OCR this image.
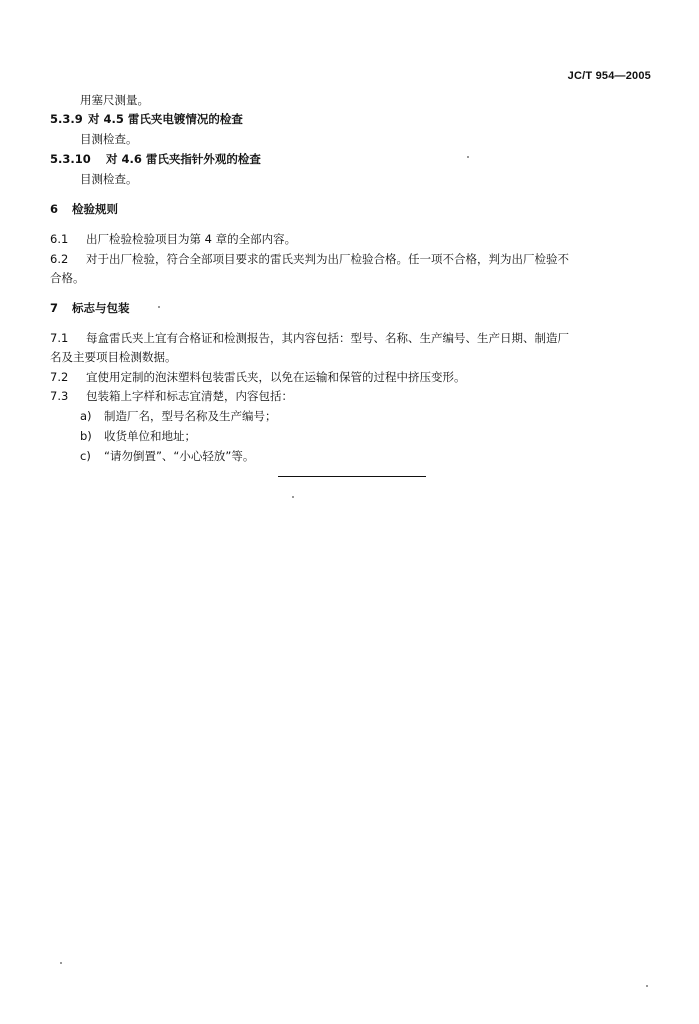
JC/T 954—2005
用塞尺测量。
5.3.9 对 4.5 雷氏夹电镀情况的检查
目测检查。
5.3.10 对 4.6 雷氏夹指针外观的检查
目测检查。
6 检验规则
6.1 出厂检验检验项目为第 4 章的全部内容。
6.2 对于出厂检验，符合全部项目要求的雷氏夹判为出厂检验合格。任一项不合格，判为出厂检验不
合格。
7 标志与包装
7.1 每盒雷氏夹上宜有合格证和检测报告，其内容包括：型号、名称、生产编号、生产日期、制造厂
名及主要项目检测数据。
7.2 宜使用定制的泡沫塑料包装雷氏夹，以免在运输和保管的过程中挤压变形。
7.3 包装箱上字样和标志宜清楚，内容包括：
a) 制造厂名，型号名称及生产编号；
b) 收货单位和地址；
c) “请勿倒置”、“小心轻放”等。
